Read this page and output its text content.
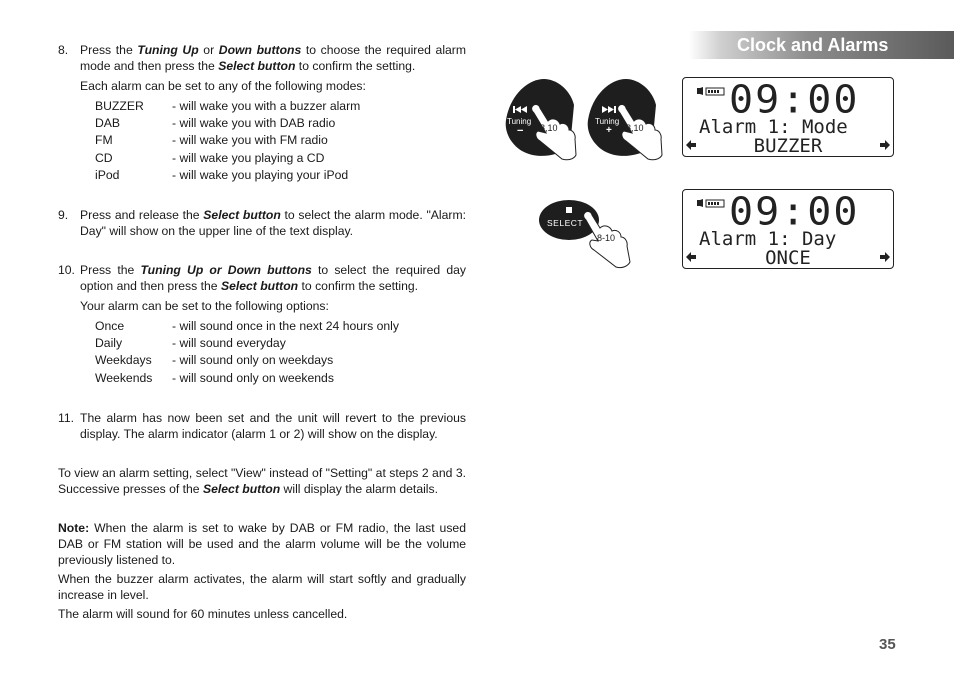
Clock and Alarms
8. Press the Tuning Up or Down buttons to choose the required alarm mode and then press the Select button to confirm the setting.
Each alarm can be set to any of the following modes:
BUZZER - will wake you with a buzzer alarm
DAB	- will wake you with DAB radio
FM	- will wake you with FM radio
CD	- will wake you playing a CD
iPod	- will wake you playing your iPod
9. Press and release the Select button to select the alarm mode. "Alarm: Day" will show on the upper line of the text display.
10. Press the Tuning Up or Down buttons to select the required day option and then press the Select button to confirm the setting.
Your alarm can be set to the following options:
Once	- will sound once in the next 24 hours only
Daily	- will sound everyday
Weekdays - will sound only on weekdays
Weekends - will sound only on weekends
11. The alarm has now been set and the unit will revert to the previous display. The alarm indicator (alarm 1 or 2) will show on the display.
To view an alarm setting, select "View" instead of "Setting" at steps 2 and 3. Successive presses of the Select button will display the alarm details.
Note: When the alarm is set to wake by DAB or FM radio, the last used DAB or FM station will be used and the alarm volume will be the volume previously listened to.
When the buzzer alarm activates, the alarm will start softly and gradually increase in level.
The alarm will sound for 60 minutes unless cancelled.
35
Tuning
− 8,10
Tuning
+ 8,10
SELECT
8-10
09:00
Alarm 1: Mode
BUZZER
09:00
Alarm 1: Day
ONCE
